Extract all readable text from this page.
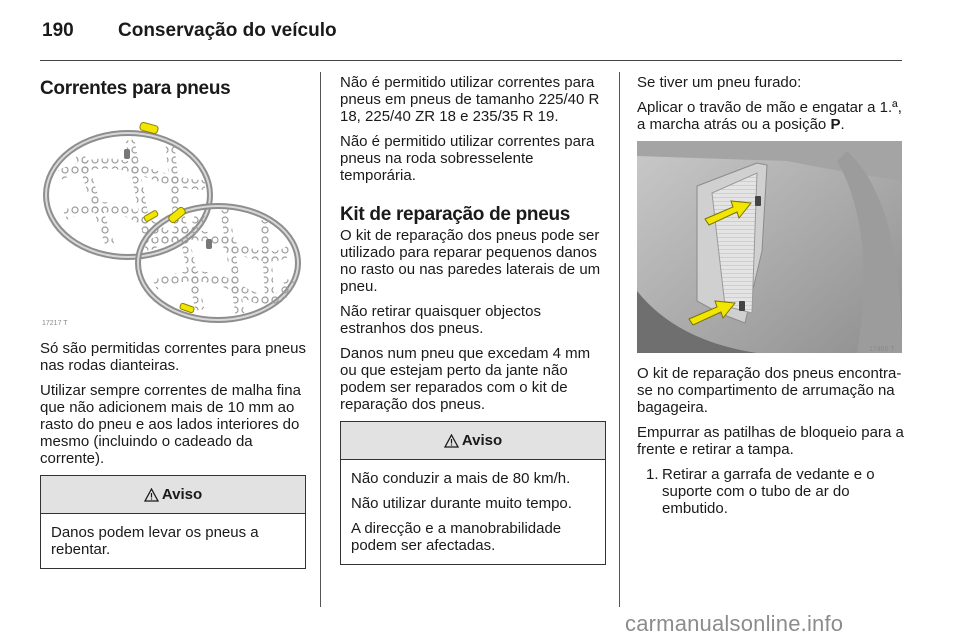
190 Conservação do veículo
Correntes para pneus
17217 T

Só são permitidas correntes para pneus nas rodas dianteiras.

Utilizar sempre correntes de malha fina que não adicionem mais de 10 mm ao rasto do pneu e aos lados interiores do mesmo (incluindo o cadeado da corrente).

Aviso

Danos podem levar os pneus a rebentar.

Não é permitido utilizar correntes para pneus em pneus de tamanho 225/40 R 18, 225/40 ZR 18 e 235/35 R 19.

Não é permitido utilizar correntes para pneus na roda sobresselente temporária.

Kit de reparação de pneus

O kit de reparação dos pneus pode ser utilizado para reparar pequenos danos no rasto ou nas paredes laterais de um pneu.

Não retirar quaisquer objectos estranhos dos pneus.

Danos num pneu que excedam 4 mm ou que estejam perto da jante não podem ser reparados com o kit de reparação dos pneus.

Aviso

Não conduzir a mais de 80 km/h.

Não utilizar durante muito tempo.

A direcção e a manobrabilidade podem ser afectadas.

Se tiver um pneu furado:

Aplicar o travão de mão e engatar a 1.ª, a marcha atrás ou a posição P.

17466 T

O kit de reparação dos pneus encontra-se no compartimento de arrumação na bagageira.

Empurrar as patilhas de bloqueio para a frente e retirar a tampa.

1. Retirar a garrafa de vedante e o suporte com o tubo de ar do embutido.
carmanualsonline.info
